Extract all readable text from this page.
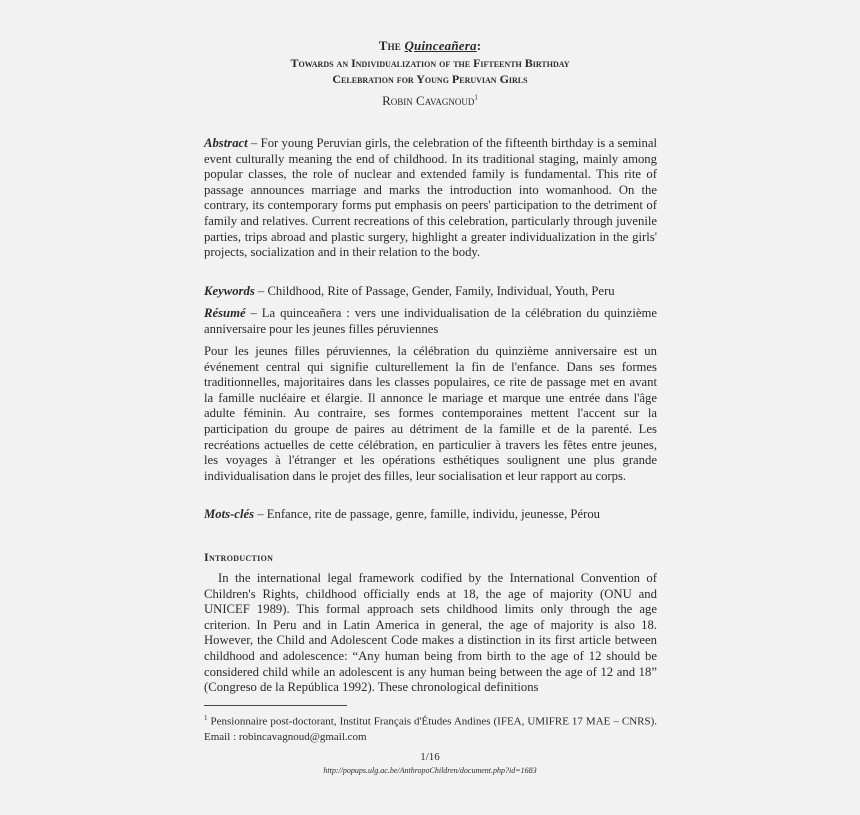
The Quinceañera:
Towards an Individualization of the Fifteenth Birthday
Celebration for Young Peruvian Girls
Robin Cavagnoud$^1$
Abstract – For young Peruvian girls, the celebration of the fifteenth birthday is a seminal event culturally meaning the end of childhood. In its traditional staging, mainly among popular classes, the role of nuclear and extended family is fundamental. This rite of passage announces marriage and marks the introduction into womanhood. On the contrary, its contemporary forms put emphasis on peers' participation to the detriment of family and relatives. Current recreations of this celebration, particularly through juvenile parties, trips abroad and plastic surgery, highlight a greater individualization in the girls' projects, socialization and in their relation to the body.
Keywords – Childhood, Rite of Passage, Gender, Family, Individual, Youth, Peru
Résumé – La quinceañera : vers une individualisation de la célébration du quinzième anniversaire pour les jeunes filles péruviennes
Pour les jeunes filles péruviennes, la célébration du quinzième anniversaire est un événement central qui signifie culturellement la fin de l'enfance. Dans ses formes traditionnelles, majoritaires dans les classes populaires, ce rite de passage met en avant la famille nucléaire et élargie. Il annonce le mariage et marque une entrée dans l'âge adulte féminin. Au contraire, ses formes contemporaines mettent l'accent sur la participation du groupe de paires au détriment de la famille et de la parenté. Les recréations actuelles de cette célébration, en particulier à travers les fêtes entre jeunes, les voyages à l'étranger et les opérations esthétiques soulignent une plus grande individualisation dans le projet des filles, leur socialisation et leur rapport au corps.
Mots-clés – Enfance, rite de passage, genre, famille, individu, jeunesse, Pérou
Introduction
In the international legal framework codified by the International Convention of Children's Rights, childhood officially ends at 18, the age of majority (ONU and UNICEF 1989). This formal approach sets childhood limits only through the age criterion. In Peru and in Latin America in general, the age of majority is also 18. However, the Child and Adolescent Code makes a distinction in its first article between childhood and adolescence: “Any human being from birth to the age of 12 should be considered child while an adolescent is any human being between the age of 12 and 18” (Congreso de la República 1992). These chronological definitions
$^1$ Pensionnaire post-doctorant, Institut Français d'Études Andines (IFEA, UMIFRE 17 MAE – CNRS). Email : robincavagnoud@gmail.com
1/16
http://popups.ulg.ac.be/AnthropoChildren/document.php?id=1683
